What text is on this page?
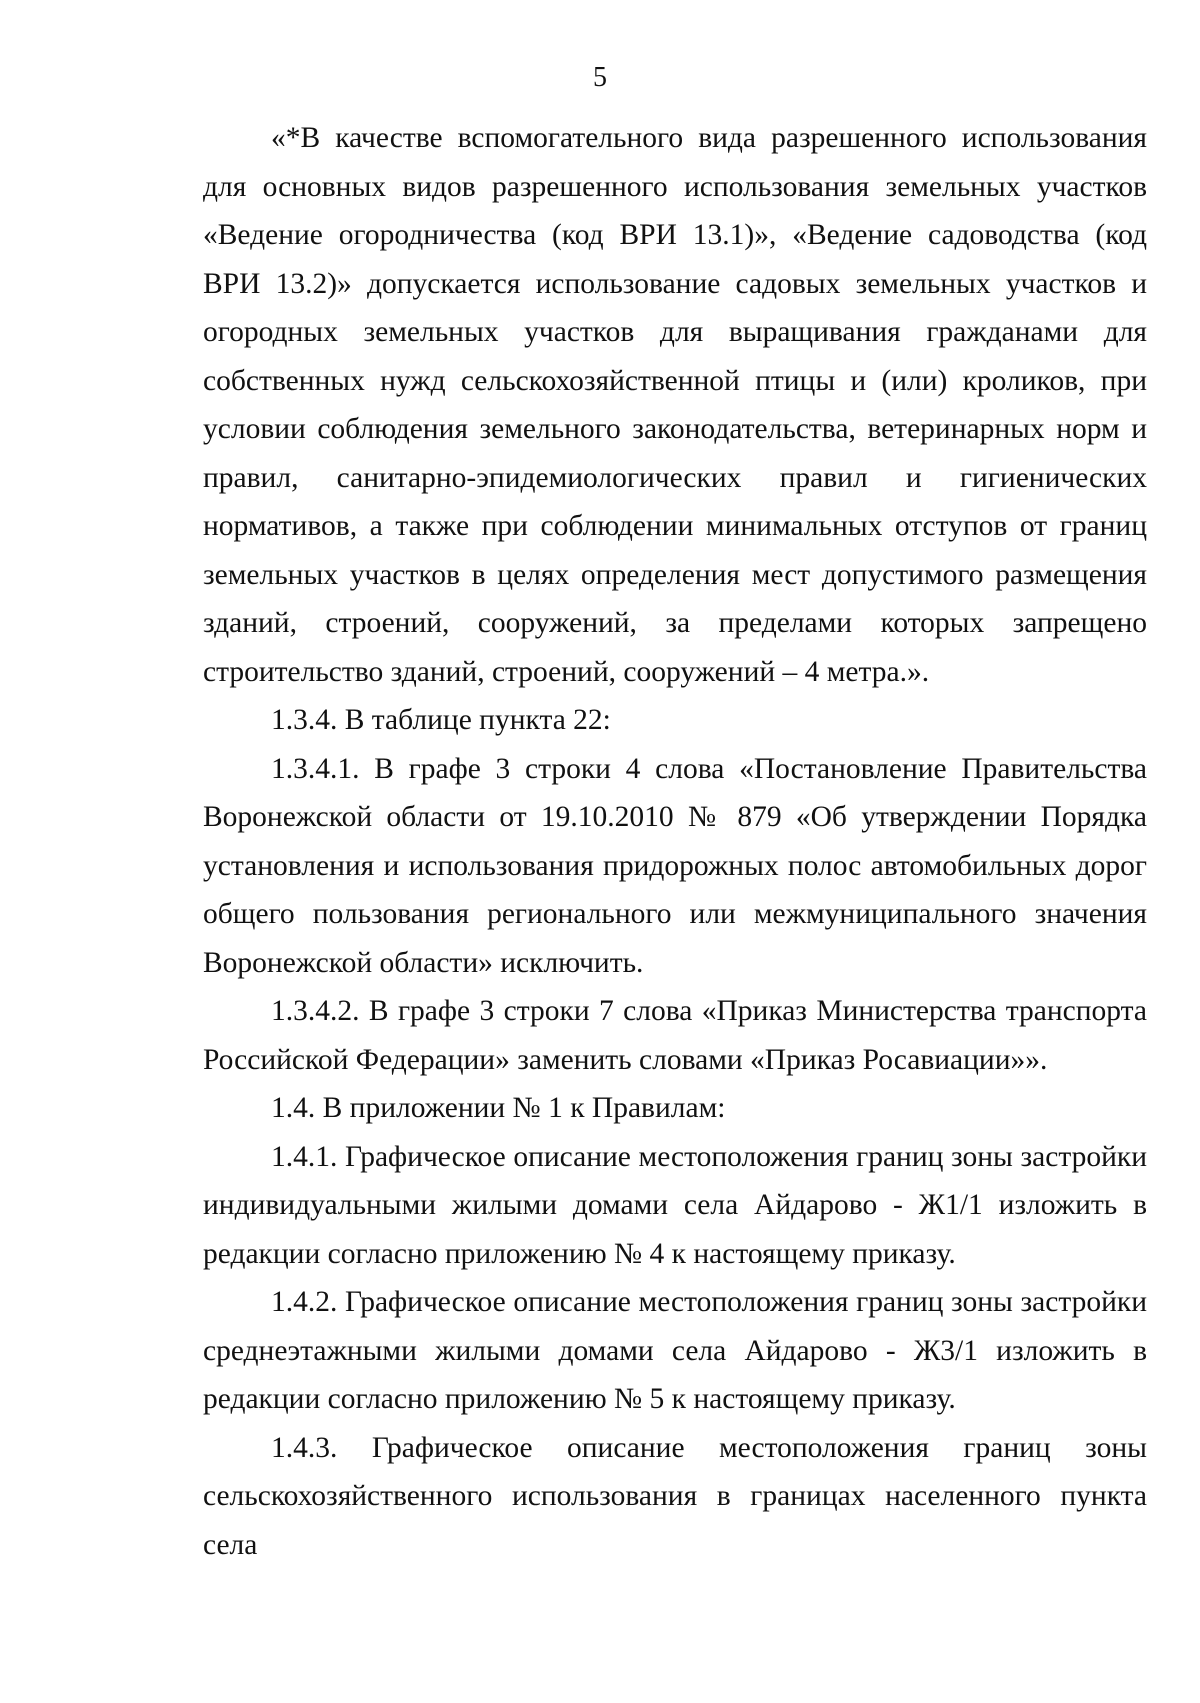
5

«*В качестве вспомогательного вида разрешенного использования для основных видов разрешенного использования земельных участков «Ведение огородничества (код ВРИ 13.1)», «Ведение садоводства (код ВРИ 13.2)» допускается использование садовых земельных участков и огородных земельных участков для выращивания гражданами для собственных нужд сельскохозяйственной птицы и (или) кроликов, при условии соблюдения земельного законодательства, ветеринарных норм и правил, санитарно-эпидемиологических правил и гигиенических нормативов, а также при соблюдении минимальных отступов от границ земельных участков в целях определения мест допустимого размещения зданий, строений, сооружений, за пределами которых запрещено строительство зданий, строений, сооружений – 4 метра.».

1.3.4. В таблице пункта 22:

1.3.4.1. В графе 3 строки 4 слова «Постановление Правительства Воронежской области от 19.10.2010 № 879 «Об утверждении Порядка установления и использования придорожных полос автомобильных дорог общего пользования регионального или межмуниципального значения Воронежской области» исключить.

1.3.4.2. В графе 3 строки 7 слова «Приказ Министерства транспорта Российской Федерации» заменить словами «Приказ Росавиации»».

1.4. В приложении № 1 к Правилам:

1.4.1. Графическое описание местоположения границ зоны застройки индивидуальными жилыми домами села Айдарово - Ж1/1 изложить в редакции согласно приложению № 4 к настоящему приказу.

1.4.2. Графическое описание местоположения границ зоны застройки среднеэтажными жилыми домами села Айдарово - Ж3/1 изложить в редакции согласно приложению № 5 к настоящему приказу.

1.4.3. Графическое описание местоположения границ зоны сельскохозяйственного использования в границах населенного пункта села
